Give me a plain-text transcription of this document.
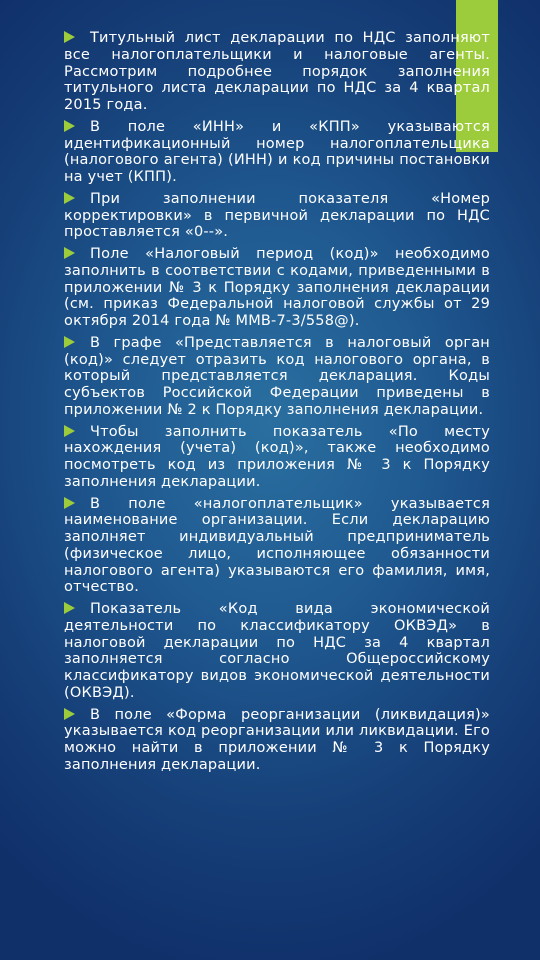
Титульный лист декларации по НДС заполняют все налогоплательщики и налоговые агенты. Рассмотрим подробнее порядок заполнения титульного листа декларации по НДС за 4 квартал 2015 года.

В поле «ИНН» и «КПП» указываются идентификационный номер налогоплательщика (налогового агента) (ИНН) и код причины постановки на учет (КПП).

При заполнении показателя «Номер корректировки» в первичной декларации по НДС проставляется «0--».

Поле «Налоговый период (код)» необходимо заполнить в соответствии с кодами, приведенными в приложении № 3 к Порядку заполнения декларации (см. приказ Федеральной налоговой службы от 29 октября 2014 года № ММВ-7-3/558@).

В графе «Представляется в налоговый орган (код)» следует отразить код налогового органа, в который представляется декларация. Коды субъектов Российской Федерации приведены в приложении № 2 к Порядку заполнения декларации.

Чтобы заполнить показатель «По месту нахождения (учета) (код)», также необходимо посмотреть код из приложения № 3 к Порядку заполнения декларации.

В поле «налогоплательщик» указывается наименование организации. Если декларацию заполняет индивидуальный предприниматель (физическое лицо, исполняющее обязанности налогового агента) указываются его фамилия, имя, отчество.

Показатель «Код вида экономической деятельности по классификатору ОКВЭД» в налоговой декларации по НДС за 4 квартал заполняется согласно Общероссийскому классификатору видов экономической деятельности (ОКВЭД).

В поле «Форма реорганизации (ликвидация)» указывается код реорганизации или ликвидации. Его можно найти в приложении № 3 к Порядку заполнения декларации.
